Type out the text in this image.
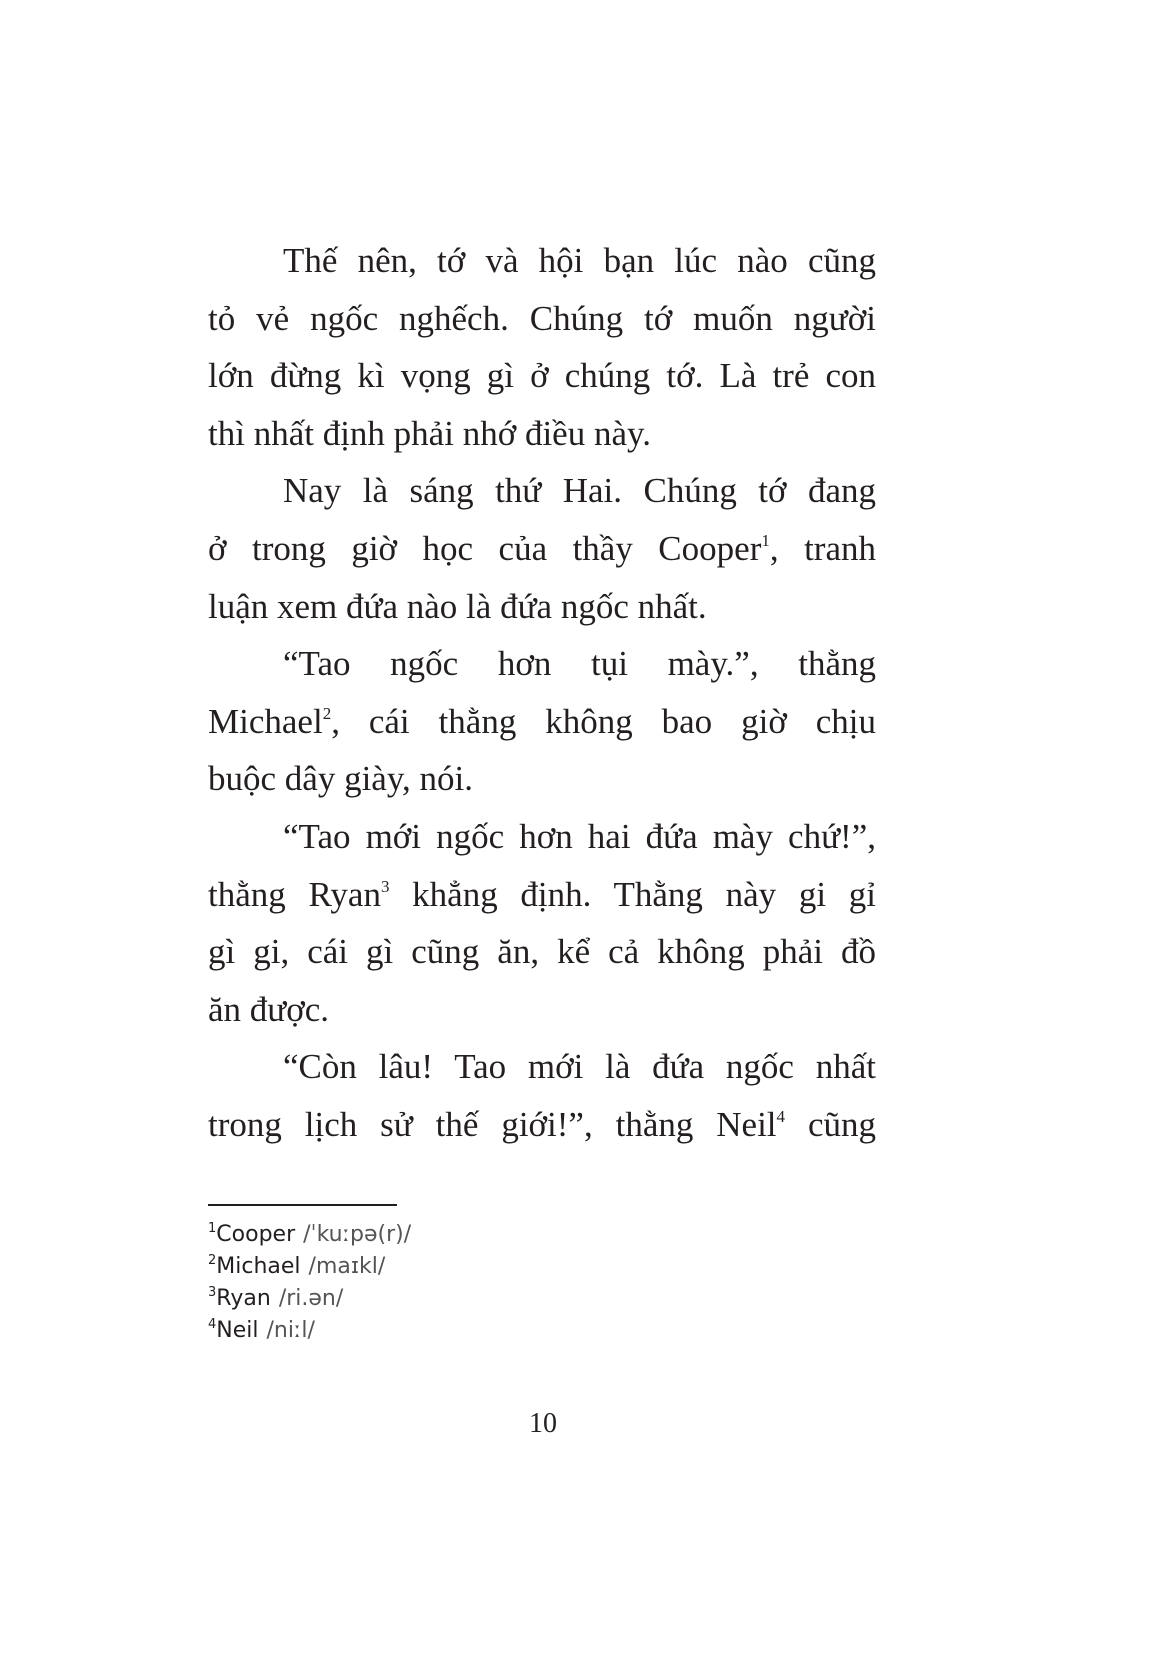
Thế nên, tớ và hội bạn lúc nào cũng
tỏ vẻ ngốc nghếch. Chúng tớ muốn người
lớn đừng kì vọng gì ở chúng tớ. Là trẻ con
thì nhất định phải nhớ điều này.
Nay là sáng thứ Hai. Chúng tớ đang
ở trong giờ học của thầy Cooper$^1$, tranh
luận xem đứa nào là đứa ngốc nhất.
“Tao ngốc hơn tụi mày.”, thằng
Michael$^2$, cái thằng không bao giờ chịu
buộc dây giày, nói.
“Tao mới ngốc hơn hai đứa mày chứ!”,
thằng Ryan$^3$ khẳng định. Thằng này gi gỉ
gì gi, cái gì cũng ăn, kể cả không phải đồ
ăn được.
“Còn lâu! Tao mới là đứa ngốc nhất
trong lịch sử thế giới!”, thằng Neil$^4$ cũng
$^1$Cooper /ˈkuːpə(r)/
$^2$Michael /maɪkl/
$^3$Ryan /ri.ən/
$^4$Neil /niːl/
10
